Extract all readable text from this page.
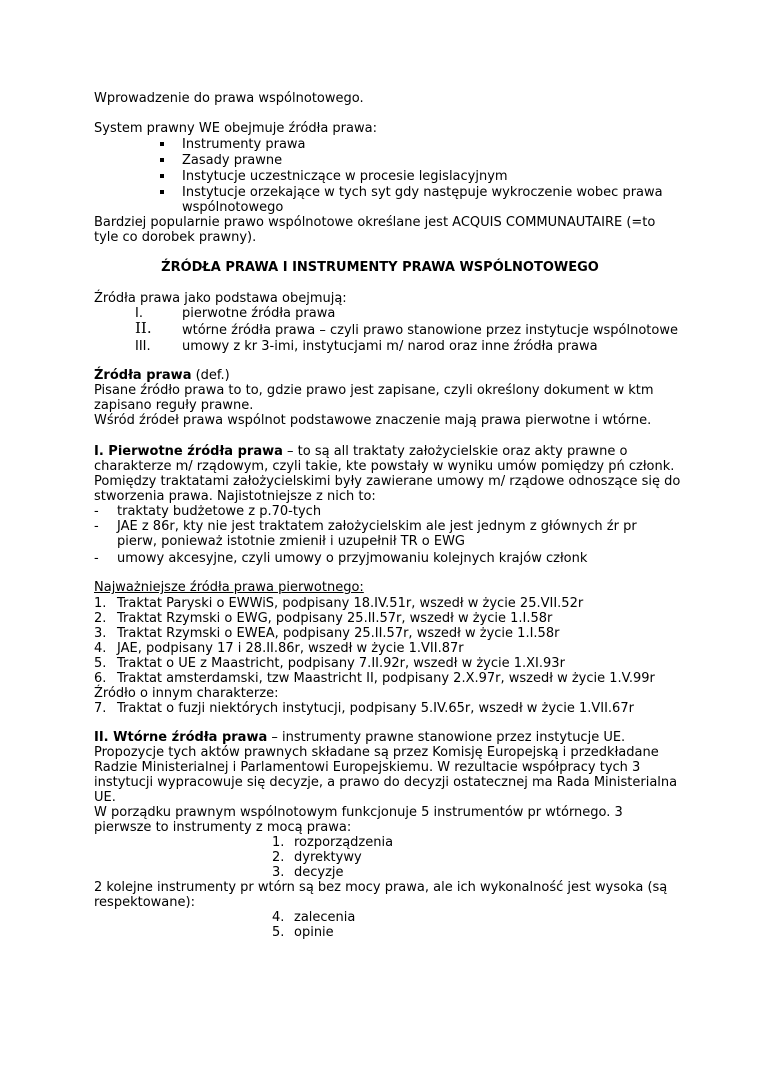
Wprowadzenie do prawa wspólnotowego.
System prawny WE obejmuje źródła prawa:
Instrumenty prawa
Zasady prawne
Instytucje uczestniczące w procesie legislacyjnym
Instytucje orzekające w tych syt gdy następuje wykroczenie wobec prawa
wspólnotowego
Bardziej popularnie prawo wspólnotowe określane jest ACQUIS COMMUNAUTAIRE (=to
tyle co dorobek prawny).
ŹRÓDŁA PRAWA I INSTRUMENTY PRAWA WSPÓLNOTOWEGO
Źródła prawa jako podstawa obejmują:
I.	pierwotne źródła prawa
II. wtórne źródła prawa – czyli prawo stanowione przez instytucje wspólnotowe
III. umowy z kr 3-imi, instytucjami m/ narod oraz inne źródła prawa
Źródła prawa (def.)
Pisane źródło prawa to to, gdzie prawo jest zapisane, czyli określony dokument w ktm
zapisano reguły prawne.
Wśród źródeł prawa wspólnot podstawowe znaczenie mają prawa pierwotne i wtórne.
I. Pierwotne źródła prawa – to są all traktaty założycielskie oraz akty prawne o
charakterze m/ rządowym, czyli takie, kte powstały w wyniku umów pomiędzy pń członk.
Pomiędzy traktatami założycielskimi były zawierane umowy m/ rządowe odnoszące się do
stworzenia prawa. Najistotniejsze z nich to:
- traktaty budżetowe z p.70-tych
- JAE z 86r, kty nie jest traktatem założycielskim ale jest jednym z głównych źr pr
pierw, ponieważ istotnie zmienił i uzupełnił TR o EWG
- umowy akcesyjne, czyli umowy o przyjmowaniu kolejnych krajów członk
Najważniejsze źródła prawa pierwotnego:
1. Traktat Paryski o EWWiS, podpisany 18.IV.51r, wszedł w życie 25.VII.52r
2. Traktat Rzymski o EWG, podpisany 25.II.57r, wszedł w życie 1.I.58r
3. Traktat Rzymski o EWEA, podpisany 25.II.57r, wszedł w życie 1.I.58r
4. JAE, podpisany 17 i 28.II.86r, wszedł w życie 1.VII.87r
5. Traktat o UE z Maastricht, podpisany 7.II.92r, wszedł w życie 1.XI.93r
6. Traktat amsterdamski, tzw Maastricht II, podpisany 2.X.97r, wszedł w życie 1.V.99r
Źródło o innym charakterze:
7. Traktat o fuzji niektórych instytucji, podpisany 5.IV.65r, wszedł w życie 1.VII.67r
II. Wtórne źródła prawa – instrumenty prawne stanowione przez instytucje UE.
Propozycje tych aktów prawnych składane są przez Komisję Europejską i przedkładane
Radzie Ministerialnej i Parlamentowi Europejskiemu. W rezultacie współpracy tych 3
instytucji wypracowuje się decyzje, a prawo do decyzji ostatecznej ma Rada Ministerialna
UE.
W porządku prawnym wspólnotowym funkcjonuje 5 instrumentów pr wtórnego. 3
pierwsze to instrumenty z mocą prawa:
1. rozporządzenia
2. dyrektywy
3. decyzje
2 kolejne instrumenty pr wtórn są bez mocy prawa, ale ich wykonalność jest wysoka (są
respektowane):
4. zalecenia
5. opinie
